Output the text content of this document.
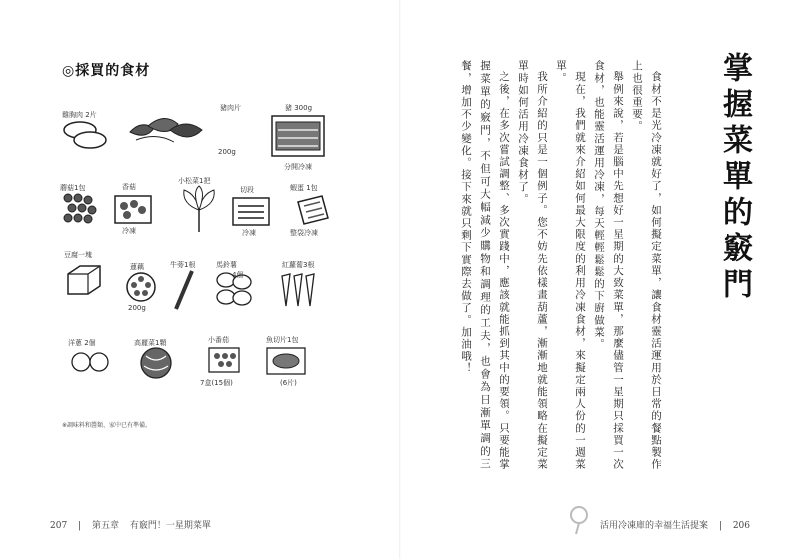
◎採買的食材
雞胸肉 2片
豬肉片
200g
豬 300g
分開冷凍
蘑菇1包	香菇
冷凍
小松菜1把
切段
冷凍
蝦蛋 1包
整袋冷凍
豆腐一塊
蓮藕
200g
牛蒡1根	馬鈴薯
4個
紅蘿蔔3根
洋蔥 2個	高麗菜1顆	小番茄
7盒(15個)
魚切片1包
(6片)
※調味料和醬類、家中已有準備。
207 | 第五章 有竅門！一星期菜單
掌握菜單的竅門

食材不是光冷凍就好了，如何擬定菜單，讓食材靈活運用於日常的餐點製作上也很重要。

舉例來說，若是腦中先想好一星期的大致菜單，那麼儘管一星期只採買一次食材，也能靈活運用冷凍，每天輕輕鬆鬆的下廚做菜。

現在，我們就來介紹如何最大限度的利用冷凍食材，來擬定兩人份的一週菜單。

我所介紹的只是一個例子。您不妨先依樣畫葫蘆，漸漸地就能領略在擬定菜單時如何活用冷凍食材了。

之後，在多次嘗試調整、多次實踐中，應該就能抓到其中的要領。只要能掌握菜單的竅門，不但可大幅減少購物和調理的工夫，也會為日漸單調的三餐，增加不少變化。接下來就只剩下實際去做了。加油哦！

活用冷凍庫的幸福生活提案 | 206
